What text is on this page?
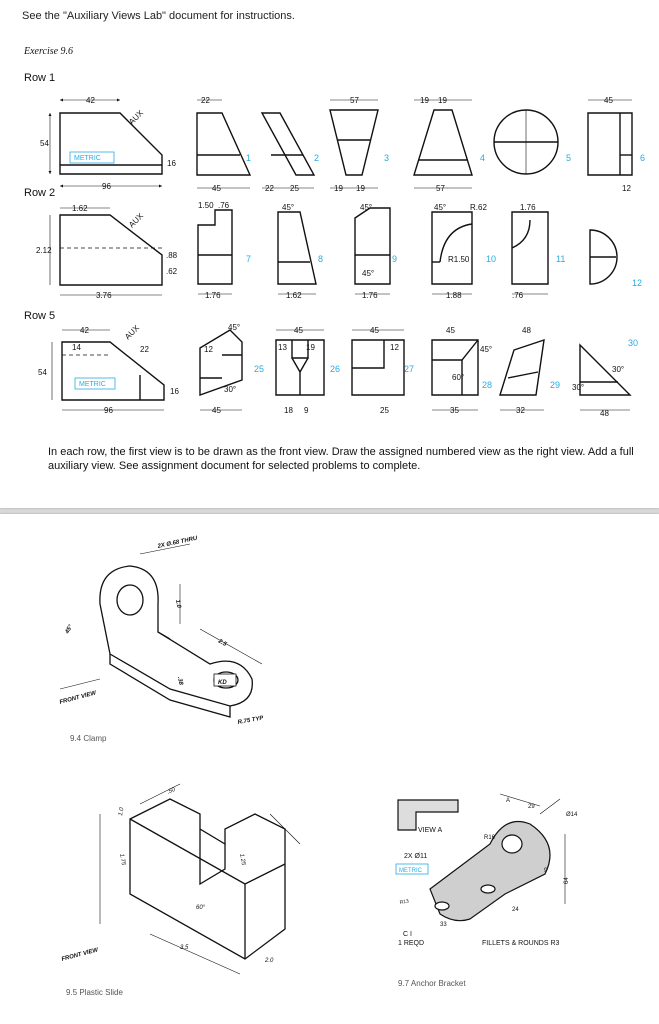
See the "Auxiliary Views Lab" document for instructions.
Exercise 9.6
Row 1
Row 2
Row 5
42
54
96
16
22
45	22 25
57	19 19
19 19	57
45
12
AUX
METRIC	1	2	3	4	5	6
1.62
2.12
3.76
.88
.62
1.50 .76
1.76
45°
1.62
45°
45°
1.76
45°	R.62	1.76
R1.50
1.88	.76
AUX
7	8	9	10	11
12
42
14	22
54
16
96
45°
12
30°
45
45
13 19
18 9
45
12
25
45
45°
60°
35
48
32
30°
30°
48
AUX
METRIC
25	26	27
28	29
30
In each row, the first view is to be drawn as the front view. Draw the assigned numbered view as the right view. Add a full auxiliary view. See assignment document for selected problems to complete.
2X Ø.68 THRU
1.0
.38
2.5
45°
FRONT VIEW
R.75 TYP
KD
1.0
1.75
60°
1.25
3.5
2.0
FRONT VIEW
.50
VIEW A
2X Ø11
METRIC
C I
1 REQD	FILLETS & ROUNDS R3
29
Ø14
R16
64
33
24
R13
9
A
9.4 Clamp
9.5 Plastic Slide
9.7 Anchor Bracket
